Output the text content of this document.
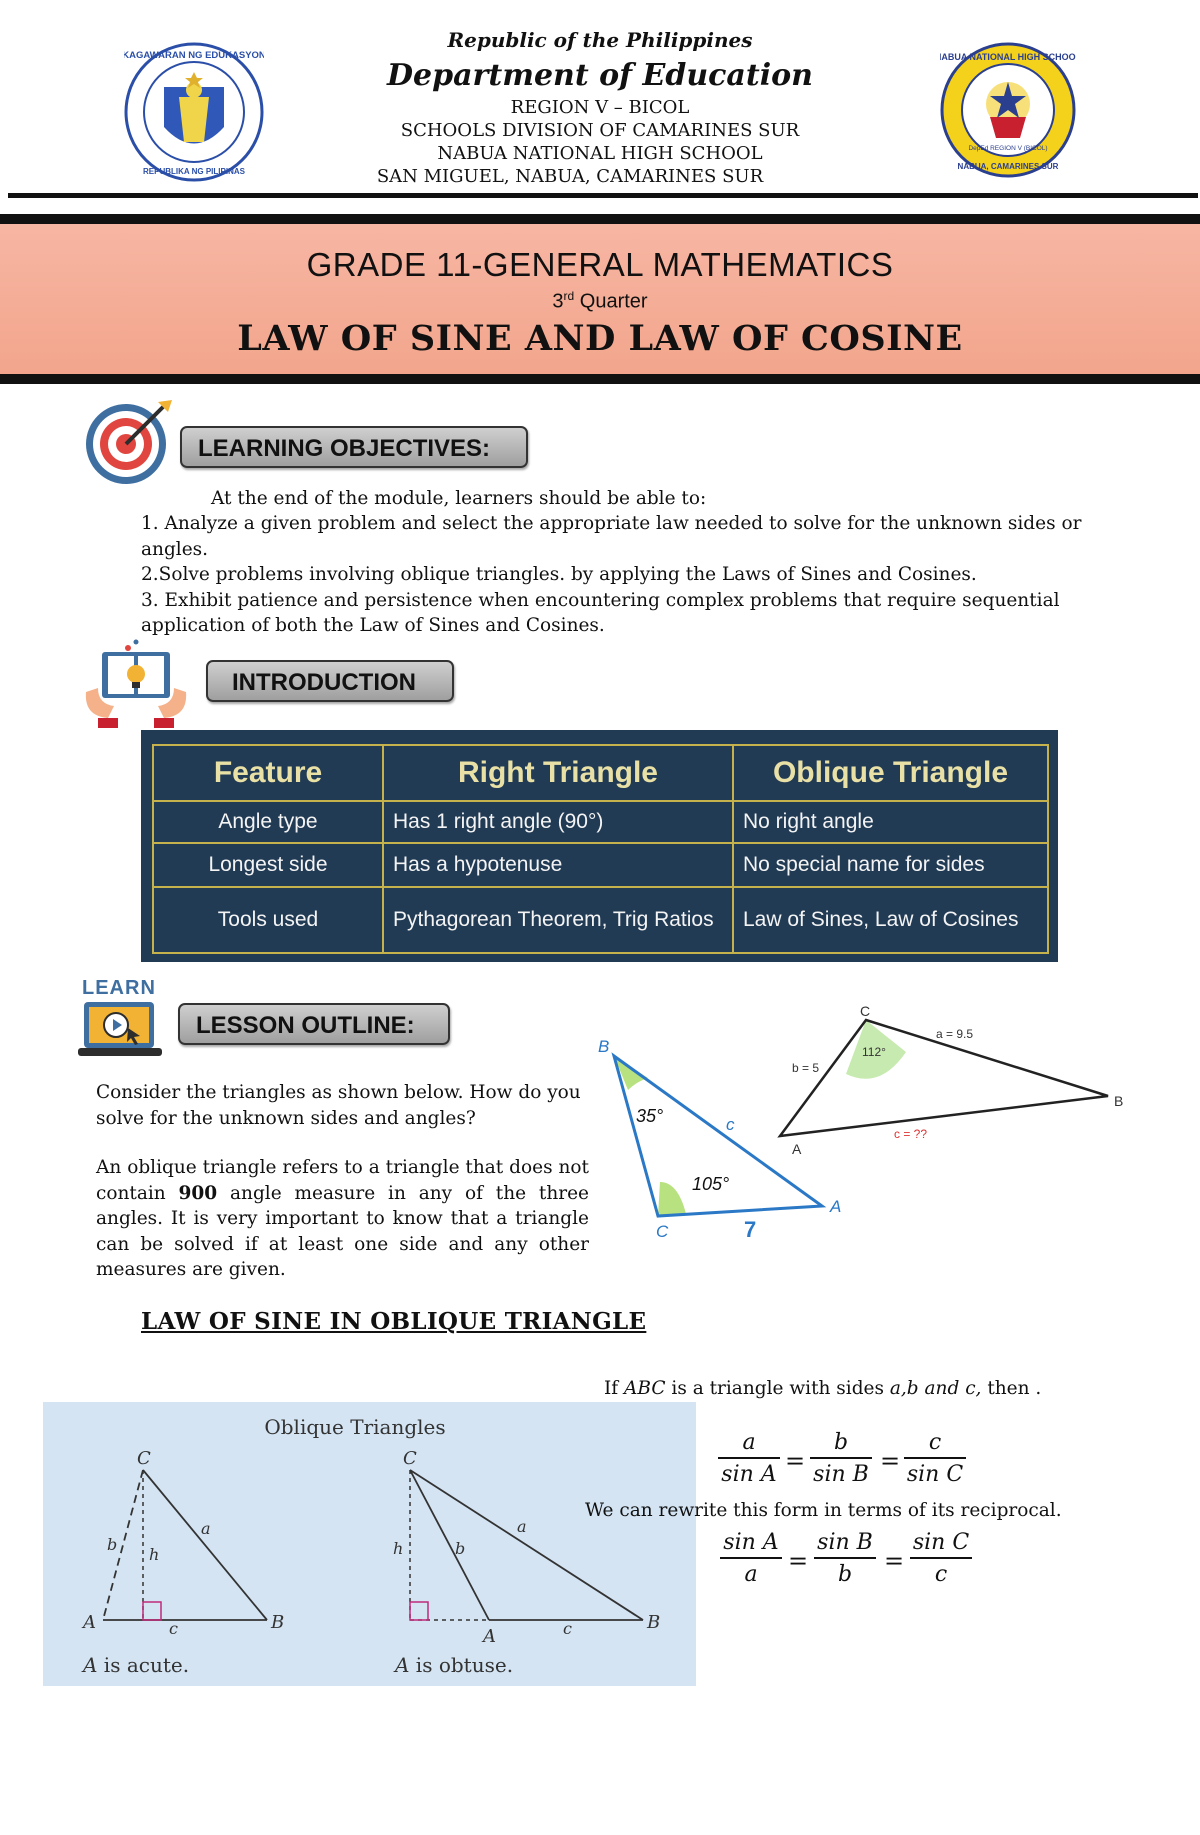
KAGAWARAN NG EDUKASYON
REPUBLIKA NG PILIPINAS
Republic of the Philippines
Department of Education
REGION V – BICOL
SCHOOLS DIVISION OF CAMARINES SUR
NABUA NATIONAL HIGH SCHOOL
SAN MIGUEL, NABUA, CAMARINES SUR
NABUA NATIONAL HIGH SCHOOL
NABUA, CAMARINES SUR
DepEd REGION V (BICOL)
GRADE 11-GENERAL MATHEMATICS
3rd Quarter
LAW OF SINE AND LAW OF COSINE
LEARNING OBJECTIVES:
At the end of the module, learners should be able to:
1. Analyze a given problem and select the appropriate law needed to solve for the unknown sides or angles.
2.Solve problems involving oblique triangles. by applying the Laws of Sines and Cosines.
3. Exhibit patience and persistence when encountering complex problems that require sequential application of both the Law of Sines and Cosines.
INTRODUCTION
Feature	Right Triangle	Oblique Triangle
Angle type	Has 1 right angle (90°)	No right angle
Longest side	Has a hypotenuse	No special name for sides
Tools used	Pythagorean Theorem, Trig Ratios	Law of Sines, Law of Cosines
LEARN
LESSON OUTLINE:
Consider the triangles as shown below. How do you solve for the unknown sides and angles?
An oblique triangle refers to a triangle that does not contain 900 angle measure in any of the three angles. It is very important to know that a triangle can be solved if at least one side and any other measures are given.
B
35°	c
105°
A
C	7
C
a = 9.5
b = 5
112°
B
A
c = ??
LAW OF SINE IN OBLIQUE TRIANGLE
If ABC is a triangle with sides a,b and c, then .
Oblique Triangles
C
A	B
b
h
a
c
A is acute.
C
A
B
h	b
a
c
A is obtuse.
$\frac{a}{\text{sin A}} = \frac{b}{\text{sin B}} = \frac{c}{\text{sin C}}$
We can rewrite this form in terms of its reciprocal.
$\frac{\text{sin A}}{a} = \frac{\text{sin B}}{b} = \frac{\text{sin C}}{c}$
